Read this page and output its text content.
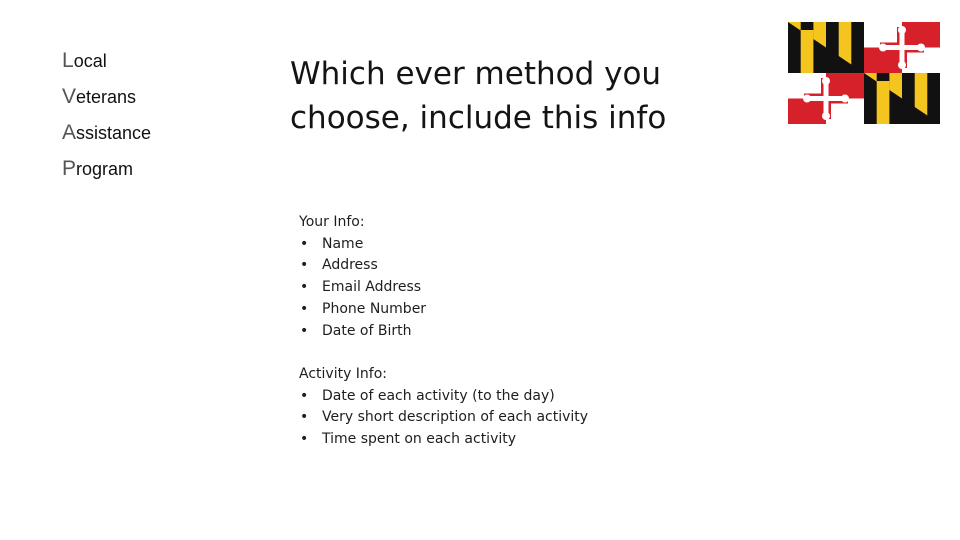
Local
Veterans
Assistance
Program
Which ever method you
choose, include this info
Your Info:
• Name
• Address
• Email Address
• Phone Number
• Date of Birth
Activity Info:
• Date of each activity (to the day)
• Very short description of each activity
• Time spent on each activity
